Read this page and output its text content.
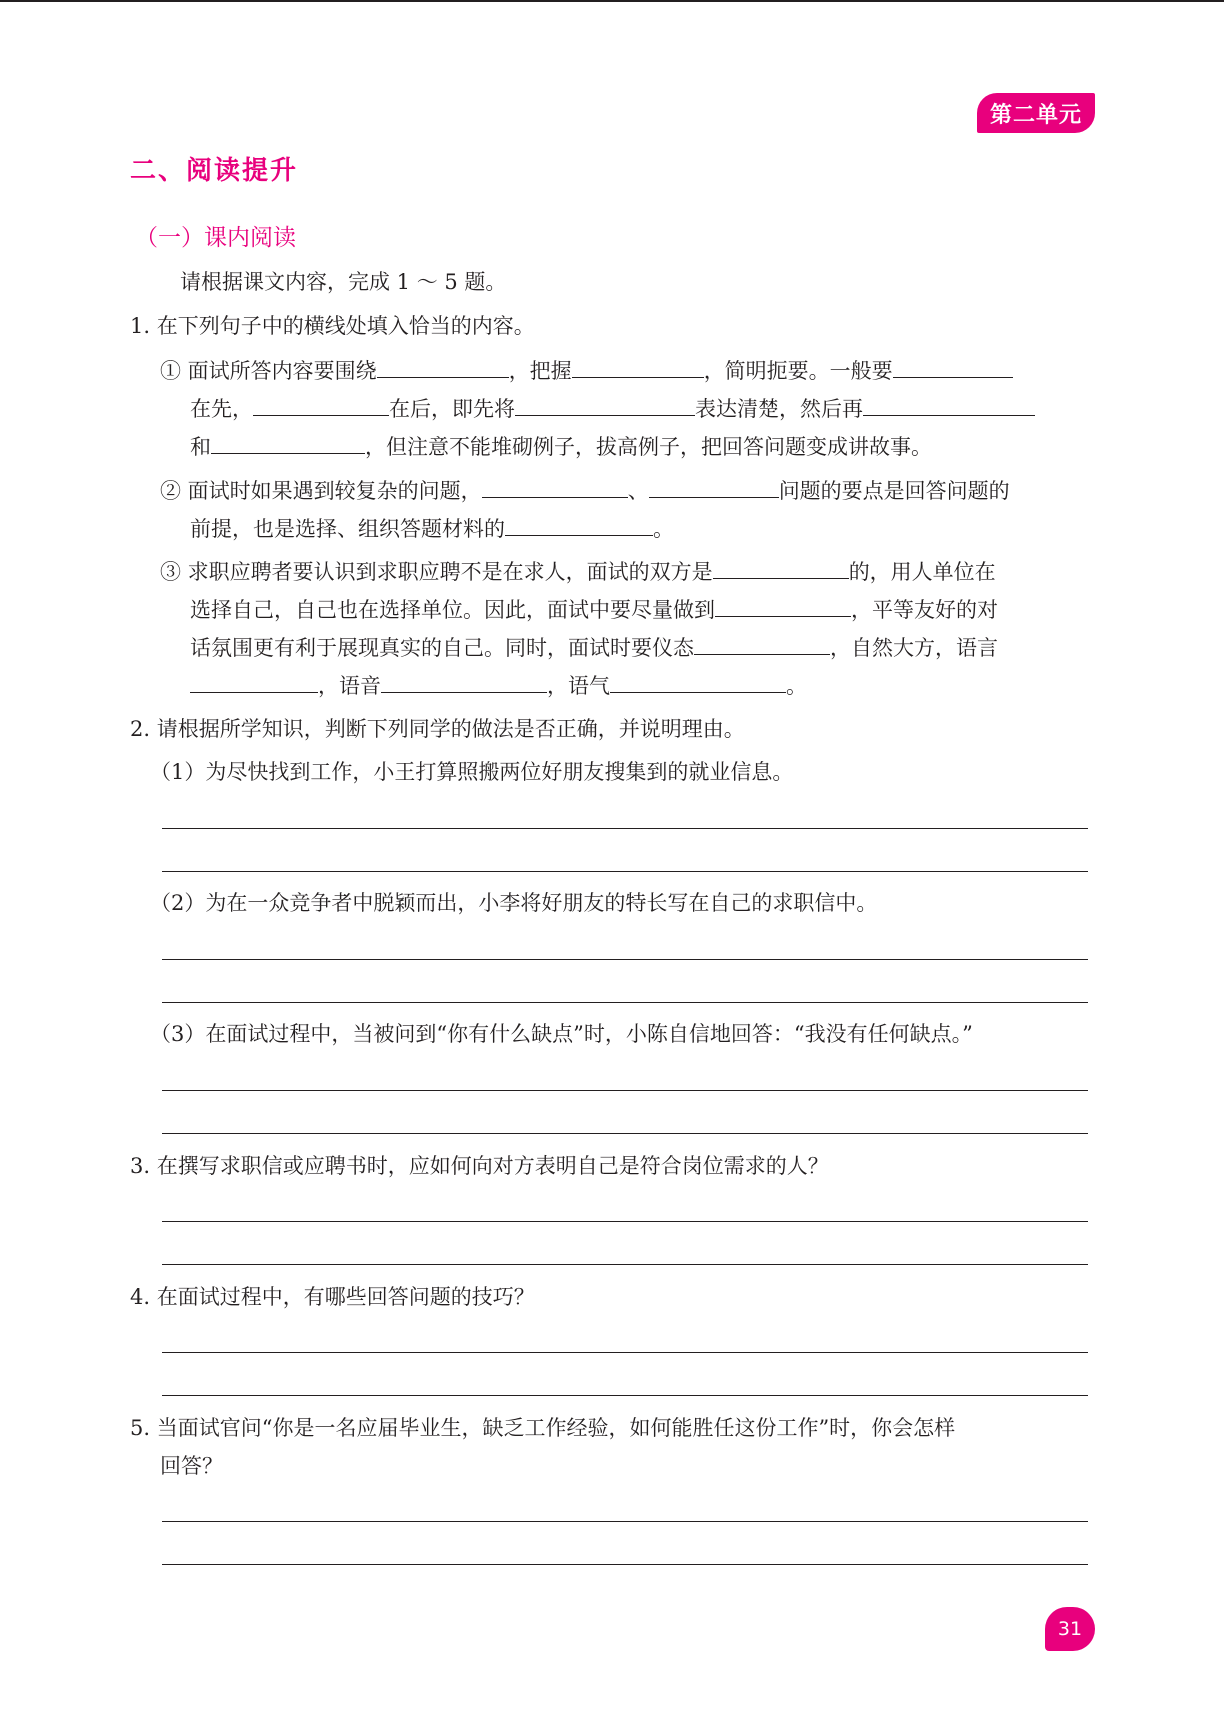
第二单元
二、阅读提升
（一）课内阅读
请根据课文内容，完成 1 ～ 5 题。
1. 在下列句子中的横线处填入恰当的内容。
① 面试所答内容要围绕	，把握	，简明扼要。一般要
在先，	在后，即先将	表达清楚，然后再
和	，但注意不能堆砌例子，拔高例子，把回答问题变成讲故事。
② 面试时如果遇到较复杂的问题，	、	问题的要点是回答问题的
前提，也是选择、组织答题材料的	。
③ 求职应聘者要认识到求职应聘不是在求人，面试的双方是	的，用人单位在
选择自己，自己也在选择单位。因此，面试中要尽量做到	，平等友好的对
话氛围更有利于展现真实的自己。同时，面试时要仪态	，自然大方，语言
，语音	，语气	。
2. 请根据所学知识，判断下列同学的做法是否正确，并说明理由。
（1）为尽快找到工作，小王打算照搬两位好朋友搜集到的就业信息。
（2）为在一众竞争者中脱颖而出，小李将好朋友的特长写在自己的求职信中。
（3）在面试过程中，当被问到“你有什么缺点”时，小陈自信地回答：“我没有任何缺点。”
3. 在撰写求职信或应聘书时，应如何向对方表明自己是符合岗位需求的人？
4. 在面试过程中，有哪些回答问题的技巧？
5. 当面试官问“你是一名应届毕业生，缺乏工作经验，如何能胜任这份工作”时，你会怎样
回答？
31
